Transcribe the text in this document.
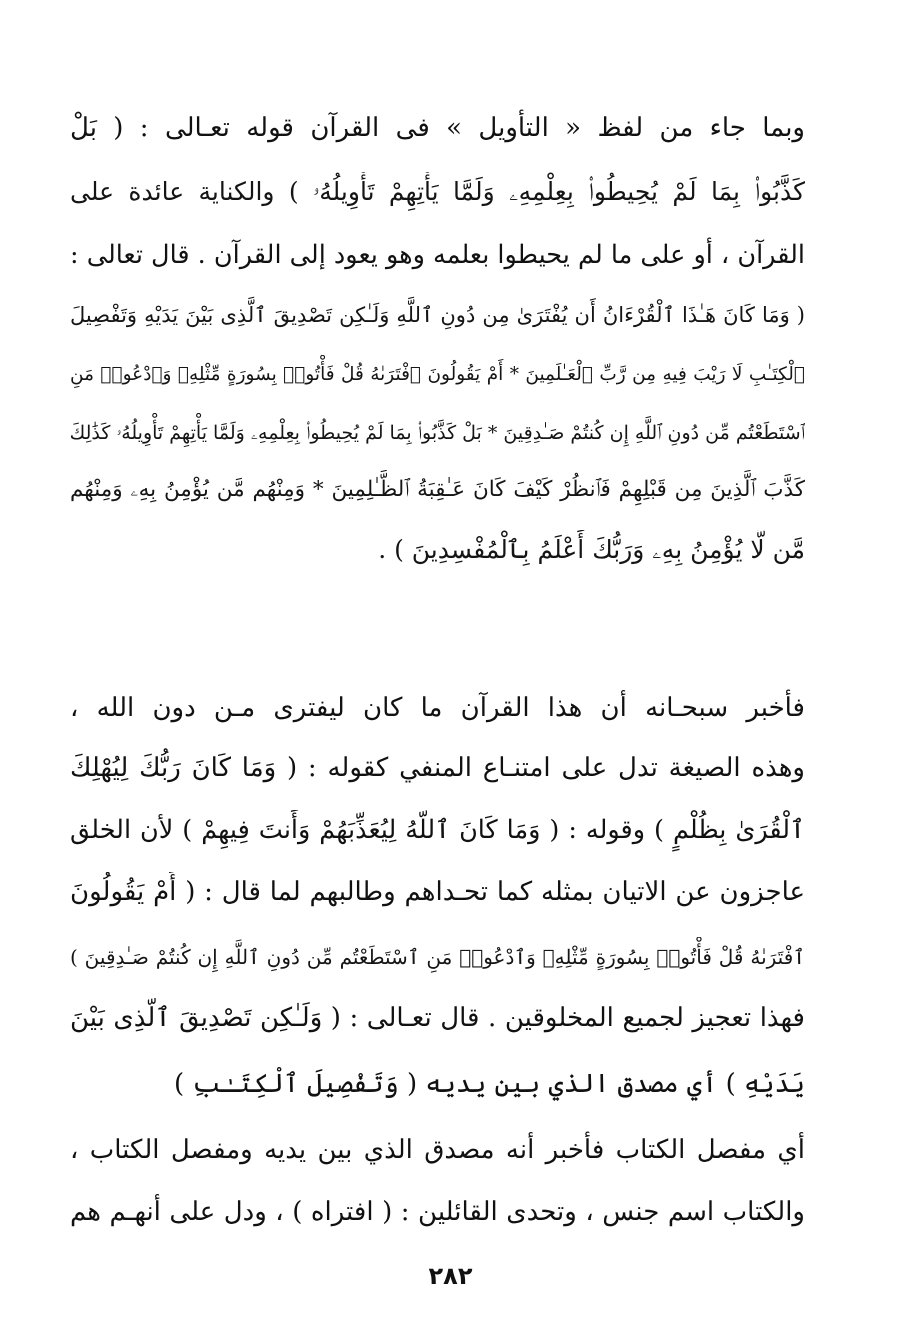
وبما جاء من لفظ « التأويل » فى القرآن قوله تعـالى : ( بَلْ
كَذَّبُوا۟ بِمَا لَمْ يُحِيطُوا۟ بِعِلْمِهِۦ وَلَمَّا يَأْتِهِمْ تَأْوِيلُهُۥ ) والكناية عائدة على
القرآن ، أو على ما لم يحيطوا بعلمه وهو يعود إلى القرآن . قال تعالى :
( وَمَا كَانَ هَـٰذَا ٱلْقُرْءَانُ أَن يُفْتَرَىٰ مِن دُونِ ٱللَّهِ وَلَـٰكِن تَصْدِيقَ ٱلَّذِى بَيْنَ يَدَيْهِ وَتَفْصِيلَ
ٱلْكِتَـٰبِ لَا رَيْبَ فِيهِ مِن رَّبِّ ٱلْعَـٰلَمِينَ * أَمْ يَقُولُونَ ٱفْتَرَىٰهُ قُلْ فَأْتُوا۟ بِسُورَةٍ مِّثْلِهِۦ وَٱدْعُوا۟ مَنِ
ٱسْتَطَعْتُم مِّن دُونِ ٱللَّهِ إِن كُنتُمْ صَـٰدِقِينَ * بَلْ كَذَّبُوا۟ بِمَا لَمْ يُحِيطُوا۟ بِعِلْمِهِۦ وَلَمَّا يَأْتِهِمْ تَأْوِيلُهُۥ كَذَٰلِكَ
كَذَّبَ ٱلَّذِينَ مِن قَبْلِهِمْ فَٱنظُرْ كَيْفَ كَانَ عَـٰقِبَةُ ٱلظَّـٰلِمِينَ * وَمِنْهُم مَّن يُؤْمِنُ بِهِۦ وَمِنْهُم
مَّن لَّا يُؤْمِنُ بِهِۦ وَرَبُّكَ أَعْلَمُ بِٱلْمُفْسِدِينَ ) .
فأخبر سبحـانه أن هذا القرآن ما كان ليفترى مـن دون الله ،
وهذه الصيغة تدل على امتنـاع المنفي كقوله : ( وَمَا كَانَ رَبُّكَ لِيُهْلِكَ
ٱلْقُرَىٰ بِظُلْمٍ ) وقوله : ( وَمَا كَانَ ٱللَّهُ لِيُعَذِّبَهُمْ وَأَنتَ فِيهِمْ ) لأن الخلق
عاجزون عن الاتيان بمثله كما تحـداهم وطالبهم لما قال : ( أَمْ يَقُولُونَ
ٱفْتَرَىٰهُ قُلْ فَأْتُوا۟ بِسُورَةٍ مِّثْلِهِۦ وَٱدْعُوا۟ مَنِ ٱسْتَطَعْتُم مِّن دُونِ ٱللَّهِ إِن كُنتُمْ صَـٰدِقِينَ )
فهذا تعجيز لجميع المخلوقين . قال تعـالى : ( وَلَـٰكِن تَصْدِيقَ ٱلَّذِى بَيْنَ
يَدَيْهِ ) أي مصدق الذي بين يديه ( وَتَفْصِيلَ ٱلْكِتَـٰبِ )
أي مفصل الكتاب فأخبر أنه مصدق الذي بين يديه ومفصل الكتاب ،
والكتاب اسم جنس ، وتحدى القائلين : ( افتراه ) ، ودل على أنهـم هم
٢٨٢
